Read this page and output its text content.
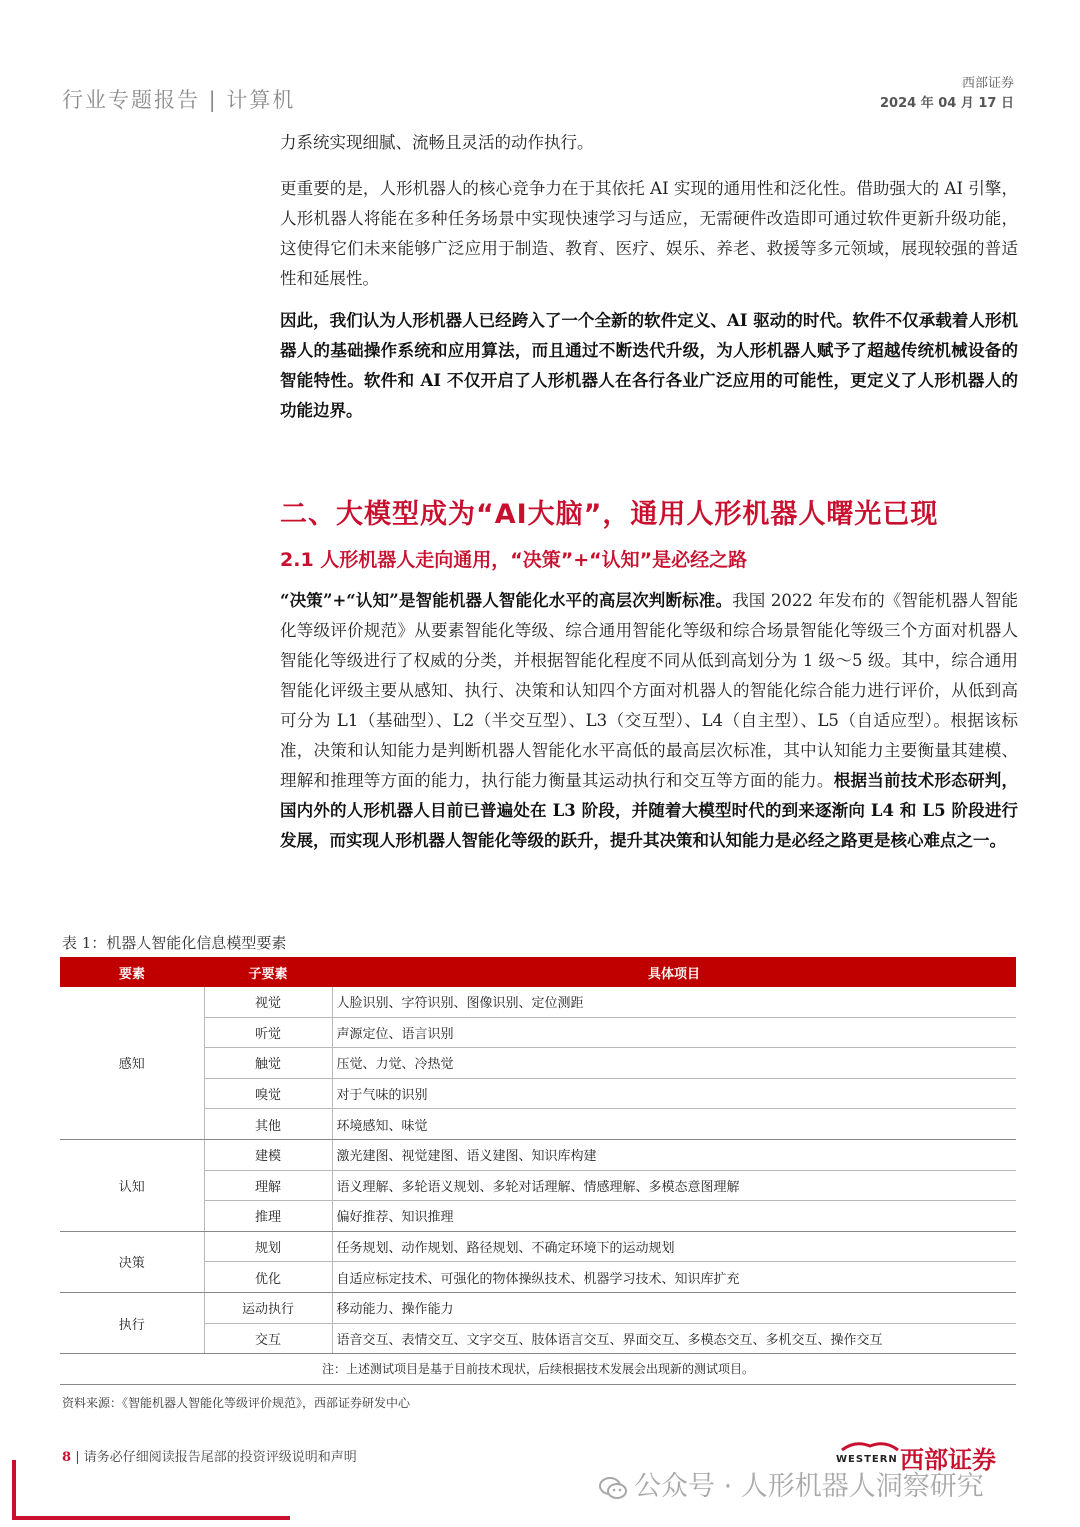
行业专题报告 | 计算机
西部证券
2024 年 04 月 17 日

力系统实现细腻、流畅且灵活的动作执行。

更重要的是，人形机器人的核心竞争力在于其依托 AI 实现的通用性和泛化性。借助强大的 AI 引擎，人形机器人将能在多种任务场景中实现快速学习与适应，无需硬件改造即可通过软件更新升级功能，这使得它们未来能够广泛应用于制造、教育、医疗、娱乐、养老、救援等多元领域，展现较强的普适性和延展性。

因此，我们认为人形机器人已经跨入了一个全新的软件定义、AI 驱动的时代。软件不仅承载着人形机器人的基础操作系统和应用算法，而且通过不断迭代升级，为人形机器人赋予了超越传统机械设备的智能特性。软件和 AI 不仅开启了人形机器人在各行各业广泛应用的可能性，更定义了人形机器人的功能边界。

二、大模型成为“AI大脑”，通用人形机器人曙光已现
2.1 人形机器人走向通用，“决策”+“认知”是必经之路

“决策”+“认知”是智能机器人智能化水平的高层次判断标准。我国 2022 年发布的《智能机器人智能化等级评价规范》从要素智能化等级、综合通用智能化等级和综合场景智能化等级三个方面对机器人智能化等级进行了权威的分类，并根据智能化程度不同从低到高划分为 1 级～5 级。其中，综合通用智能化评级主要从感知、执行、决策和认知四个方面对机器人的智能化综合能力进行评价，从低到高可分为 L1（基础型）、L2（半交互型）、L3（交互型）、L4（自主型）、L5（自适应型）。根据该标准，决策和认知能力是判断机器人智能化水平高低的最高层次标准，其中认知能力主要衡量其建模、理解和推理等方面的能力，执行能力衡量其运动执行和交互等方面的能力。根据当前技术形态研判，国内外的人形机器人目前已普遍处在 L3 阶段，并随着大模型时代的到来逐渐向 L4 和 L5 阶段进行发展，而实现人形机器人智能化等级的跃升，提升其决策和认知能力是必经之路更是核心难点之一。

表 1：机器人智能化信息模型要素
要素	子要素	具体项目
感知	视觉	人脸识别、字符识别、图像识别、定位测距
	听觉	声源定位、语言识别
	触觉	压觉、力觉、冷热觉
	嗅觉	对于气味的识别
	其他	环境感知、味觉
认知	建模	激光建图、视觉建图、语义建图、知识库构建
	理解	语义理解、多轮语义规划、多轮对话理解、情感理解、多模态意图理解
	推理	偏好推荐、知识推理
决策	规划	任务规划、动作规划、路径规划、不确定环境下的运动规划
	优化	自适应标定技术、可强化的物体操纵技术、机器学习技术、知识库扩充
执行	运动执行	移动能力、操作能力
	交互	语音交互、表情交互、文字交互、肢体语言交互、界面交互、多模态交互、多机交互、操作交互
注：上述测试项目是基于目前技术现状，后续根据技术发展会出现新的测试项目。		
资料来源：《智能机器人智能化等级评价规范》，西部证券研发中心
8 | 请务必仔细阅读报告尾部的投资评级说明和声明	WESTERN 西部证券
公众号 · 人形机器人洞察研究
